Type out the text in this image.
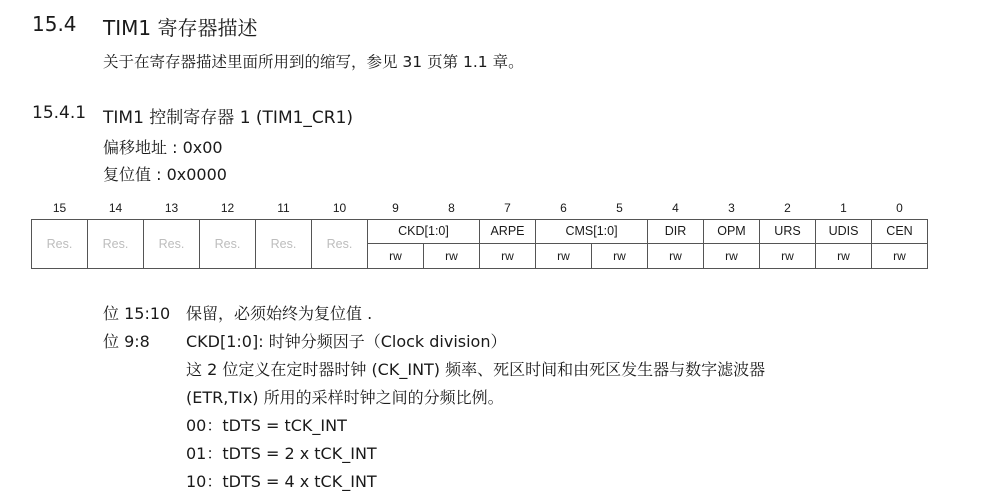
15.4 TIM1 寄存器描述
关于在寄存器描述里面所用到的缩写，参见 31 页第 1.1 章。
15.4.1 TIM1 控制寄存器 1 (TIM1_CR1)
偏移地址 : 0x00
复位值 : 0x0000
15	14	13	12	11	10	9	8	7	6	5	4	3	2	1	0
Res.	Res.	Res.	Res.	Res.	Res.	CKD[1:0]		ARPE	CMS[1:0]		DIR	OPM	URS	UDIS	CEN
						rw	rw	rw	rw	rw	rw	rw	rw	rw	rw
位 15:10 保留，必须始终为复位值 .
位 9:8 CKD[1:0]: 时钟分频因子（Clock division）
这 2 位定义在定时器时钟 (CK_INT) 频率、死区时间和由死区发生器与数字滤波器
(ETR,TIx) 所用的采样时钟之间的分频比例。
00：tDTS = tCK_INT
01：tDTS = 2 x tCK_INT
10：tDTS = 4 x tCK_INT
